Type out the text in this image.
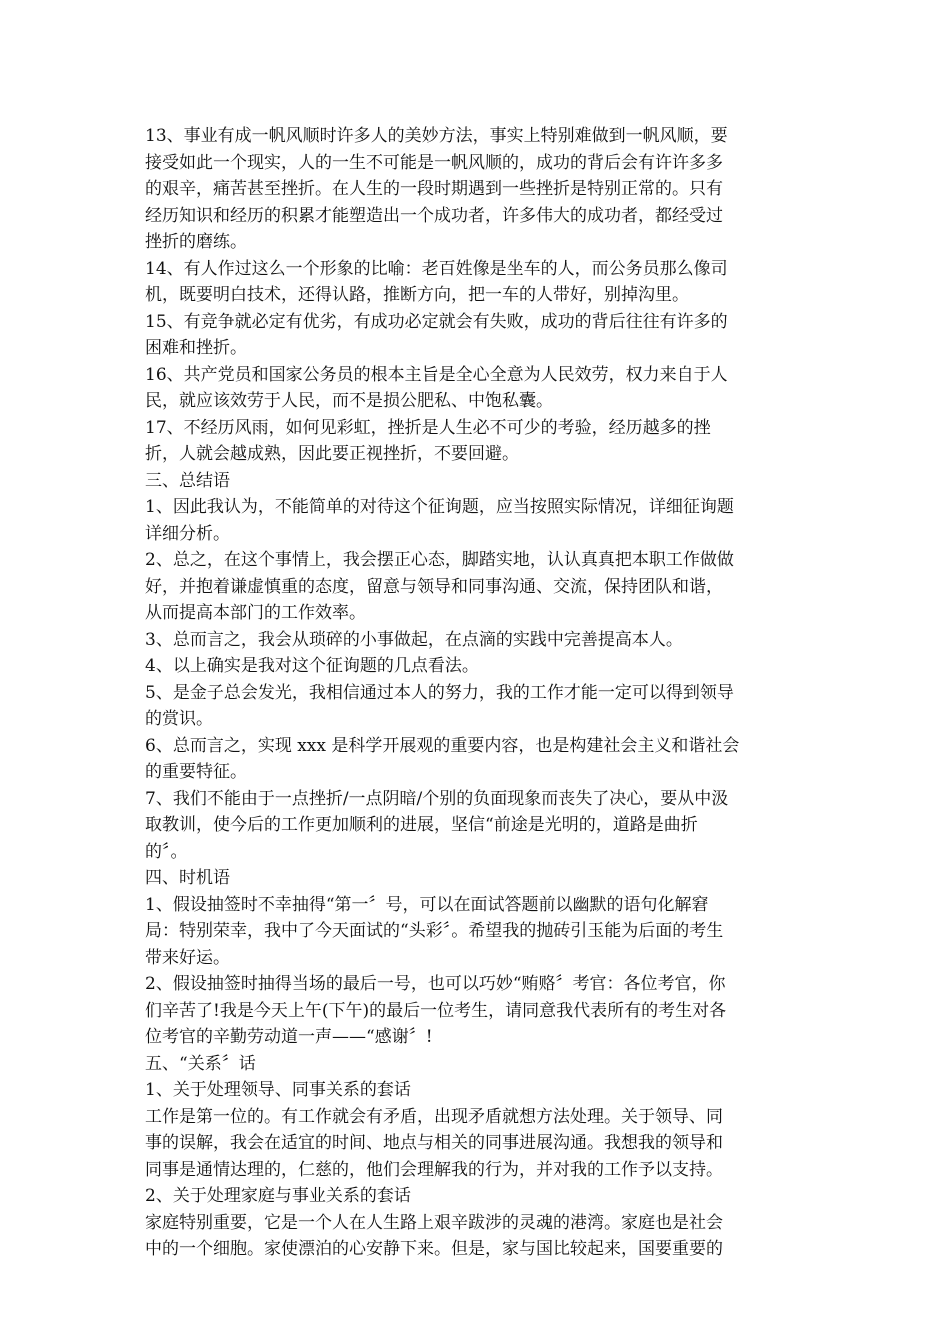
13、事业有成一帆风顺时许多人的美妙方法，事实上特别难做到一帆风顺，要
接受如此一个现实，人的一生不可能是一帆风顺的，成功的背后会有许许多多
的艰辛，痛苦甚至挫折。在人生的一段时期遇到一些挫折是特别正常的。只有
经历知识和经历的积累才能塑造出一个成功者，许多伟大的成功者，都经受过
挫折的磨练。

14、有人作过这么一个形象的比喻：老百姓像是坐车的人，而公务员那么像司
机，既要明白技术，还得认路，推断方向，把一车的人带好，别掉沟里。

15、有竞争就必定有优劣，有成功必定就会有失败，成功的背后往往有许多的
困难和挫折。

16、共产党员和国家公务员的根本主旨是全心全意为人民效劳，权力来自于人
民，就应该效劳于人民，而不是损公肥私、中饱私囊。

17、不经历风雨，如何见彩虹，挫折是人生必不可少的考验，经历越多的挫
折，人就会越成熟，因此要正视挫折，不要回避。

三、总结语

1、因此我认为，不能简单的对待这个征询题，应当按照实际情况，详细征询题
详细分析。

2、总之，在这个事情上，我会摆正心态，脚踏实地，认认真真把本职工作做做
好，并抱着谦虚慎重的态度，留意与领导和同事沟通、交流，保持团队和谐，
从而提高本部门的工作效率。

3、总而言之，我会从琐碎的小事做起，在点滴的实践中完善提高本人。

4、以上确实是我对这个征询题的几点看法。

5、是金子总会发光，我相信通过本人的努力，我的工作才能一定可以得到领导
的赏识。

6、总而言之，实现 xxx 是科学开展观的重要内容，也是构建社会主义和谐社会
的重要特征。

7、我们不能由于一点挫折/一点阴暗/个别的负面现象而丧失了决心，要从中汲
取教训，使今后的工作更加顺利的进展，坚信“前途是光明的，道路是曲折
的〞。

四、时机语

1、假设抽签时不幸抽得“第一〞号，可以在面试答题前以幽默的语句化解窘
局：特别荣幸，我中了今天面试的“头彩〞。希望我的抛砖引玉能为后面的考生
带来好运。

2、假设抽签时抽得当场的最后一号，也可以巧妙“贿赂〞考官：各位考官，你
们辛苦了!我是今天上午(下午)的最后一位考生，请同意我代表所有的考生对各
位考官的辛勤劳动道一声——“感谢〞!

五、“关系〞话

1、关于处理领导、同事关系的套话

工作是第一位的。有工作就会有矛盾，出现矛盾就想方法处理。关于领导、同
事的误解，我会在适宜的时间、地点与相关的同事进展沟通。我想我的领导和
同事是通情达理的，仁慈的，他们会理解我的行为，并对我的工作予以支持。

2、关于处理家庭与事业关系的套话

家庭特别重要，它是一个人在人生路上艰辛跋涉的灵魂的港湾。家庭也是社会
中的一个细胞。家使漂泊的心安静下来。但是，家与国比较起来，国要重要的
